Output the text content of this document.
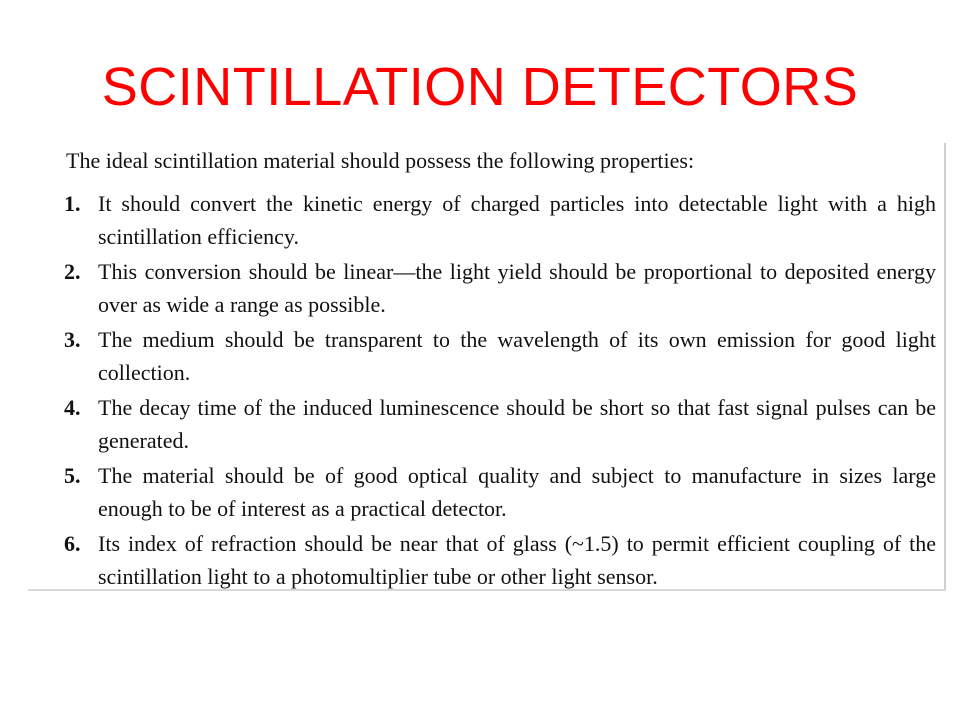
SCINTILLATION DETECTORS
The ideal scintillation material should possess the following properties:
1. It should convert the kinetic energy of charged particles into detectable light with a high scintillation efficiency.
2. This conversion should be linear—the light yield should be proportional to deposited energy over as wide a range as possible.
3. The medium should be transparent to the wavelength of its own emission for good light collection.
4. The decay time of the induced luminescence should be short so that fast signal pulses can be generated.
5. The material should be of good optical quality and subject to manufacture in sizes large enough to be of interest as a practical detector.
6. Its index of refraction should be near that of glass (~1.5) to permit efficient coupling of the scintillation light to a photomultiplier tube or other light sensor.
